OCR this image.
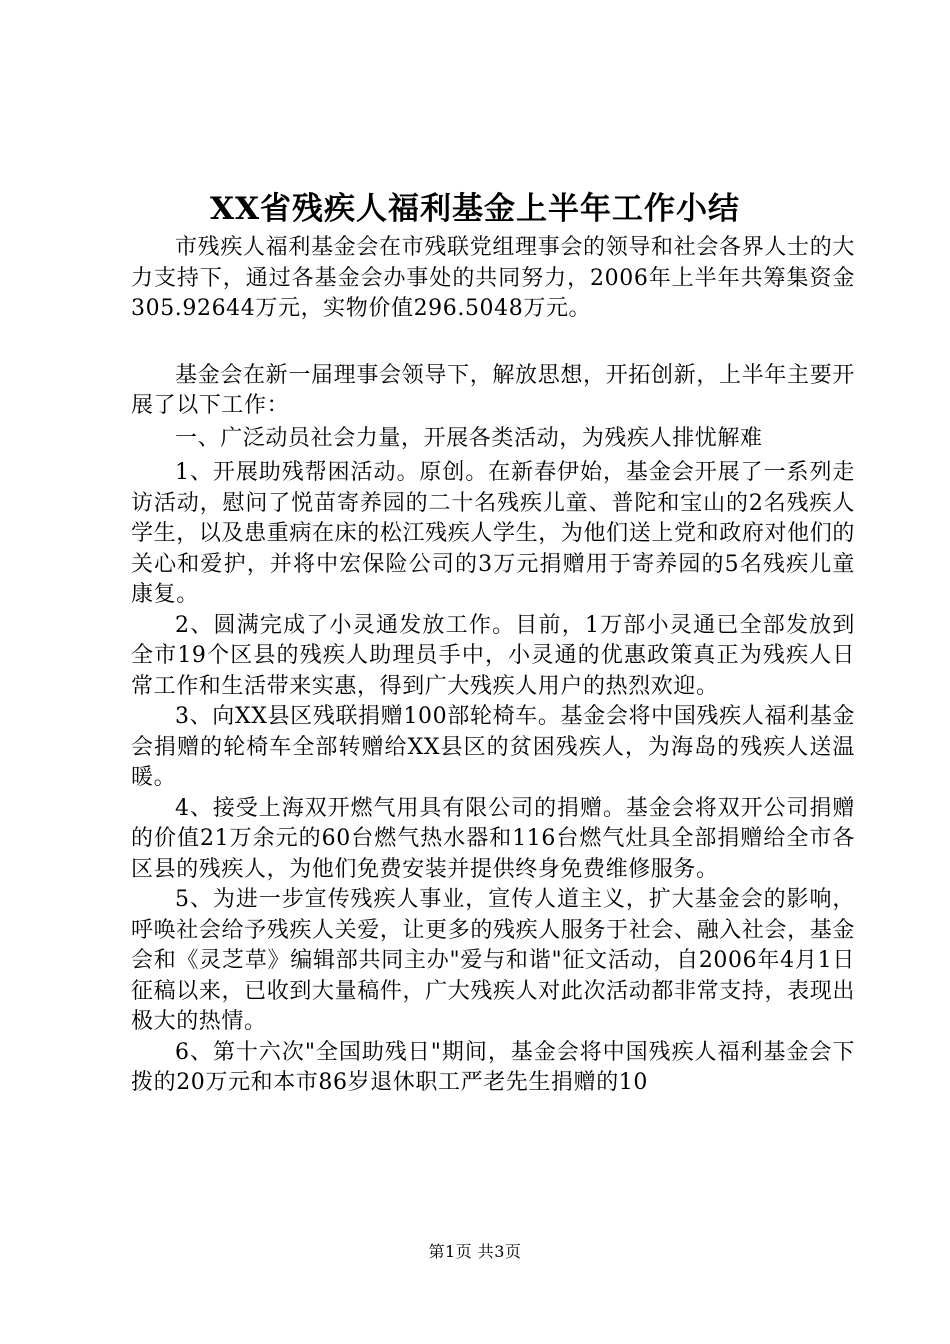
XX省残疾人福利基金上半年工作小结

市残疾人福利基金会在市残联党组理事会的领导和社会各界人士的大力支持下，通过各基金会办事处的共同努力，2006年上半年共筹集资金305.92644万元，实物价值296.5048万元。

基金会在新一届理事会领导下，解放思想，开拓创新，上半年主要开展了以下工作：

一、广泛动员社会力量，开展各类活动，为残疾人排忧解难

1、开展助残帮困活动。原创。在新春伊始，基金会开展了一系列走访活动，慰问了悦苗寄养园的二十名残疾儿童、普陀和宝山的2名残疾人学生，以及患重病在床的松江残疾人学生，为他们送上党和政府对他们的关心和爱护，并将中宏保险公司的3万元捐赠用于寄养园的5名残疾儿童康复。

2、圆满完成了小灵通发放工作。目前，1万部小灵通已全部发放到全市19个区县的残疾人助理员手中，小灵通的优惠政策真正为残疾人日常工作和生活带来实惠，得到广大残疾人用户的热烈欢迎。

3、向XX县区残联捐赠100部轮椅车。基金会将中国残疾人福利基金会捐赠的轮椅车全部转赠给XX县区的贫困残疾人，为海岛的残疾人送温暖。

4、接受上海双开燃气用具有限公司的捐赠。基金会将双开公司捐赠的价值21万余元的60台燃气热水器和116台燃气灶具全部捐赠给全市各区县的残疾人，为他们免费安装并提供终身免费维修服务。

5、为进一步宣传残疾人事业，宣传人道主义，扩大基金会的影响，呼唤社会给予残疾人关爱，让更多的残疾人服务于社会、融入社会，基金会和《灵芝草》编辑部共同主办"爱与和谐"征文活动，自2006年4月1日征稿以来，已收到大量稿件，广大残疾人对此次活动都非常支持，表现出极大的热情。

6、第十六次"全国助残日"期间，基金会将中国残疾人福利基金会下拨的20万元和本市86岁退休职工严老先生捐赠的10

第1页 共3页
